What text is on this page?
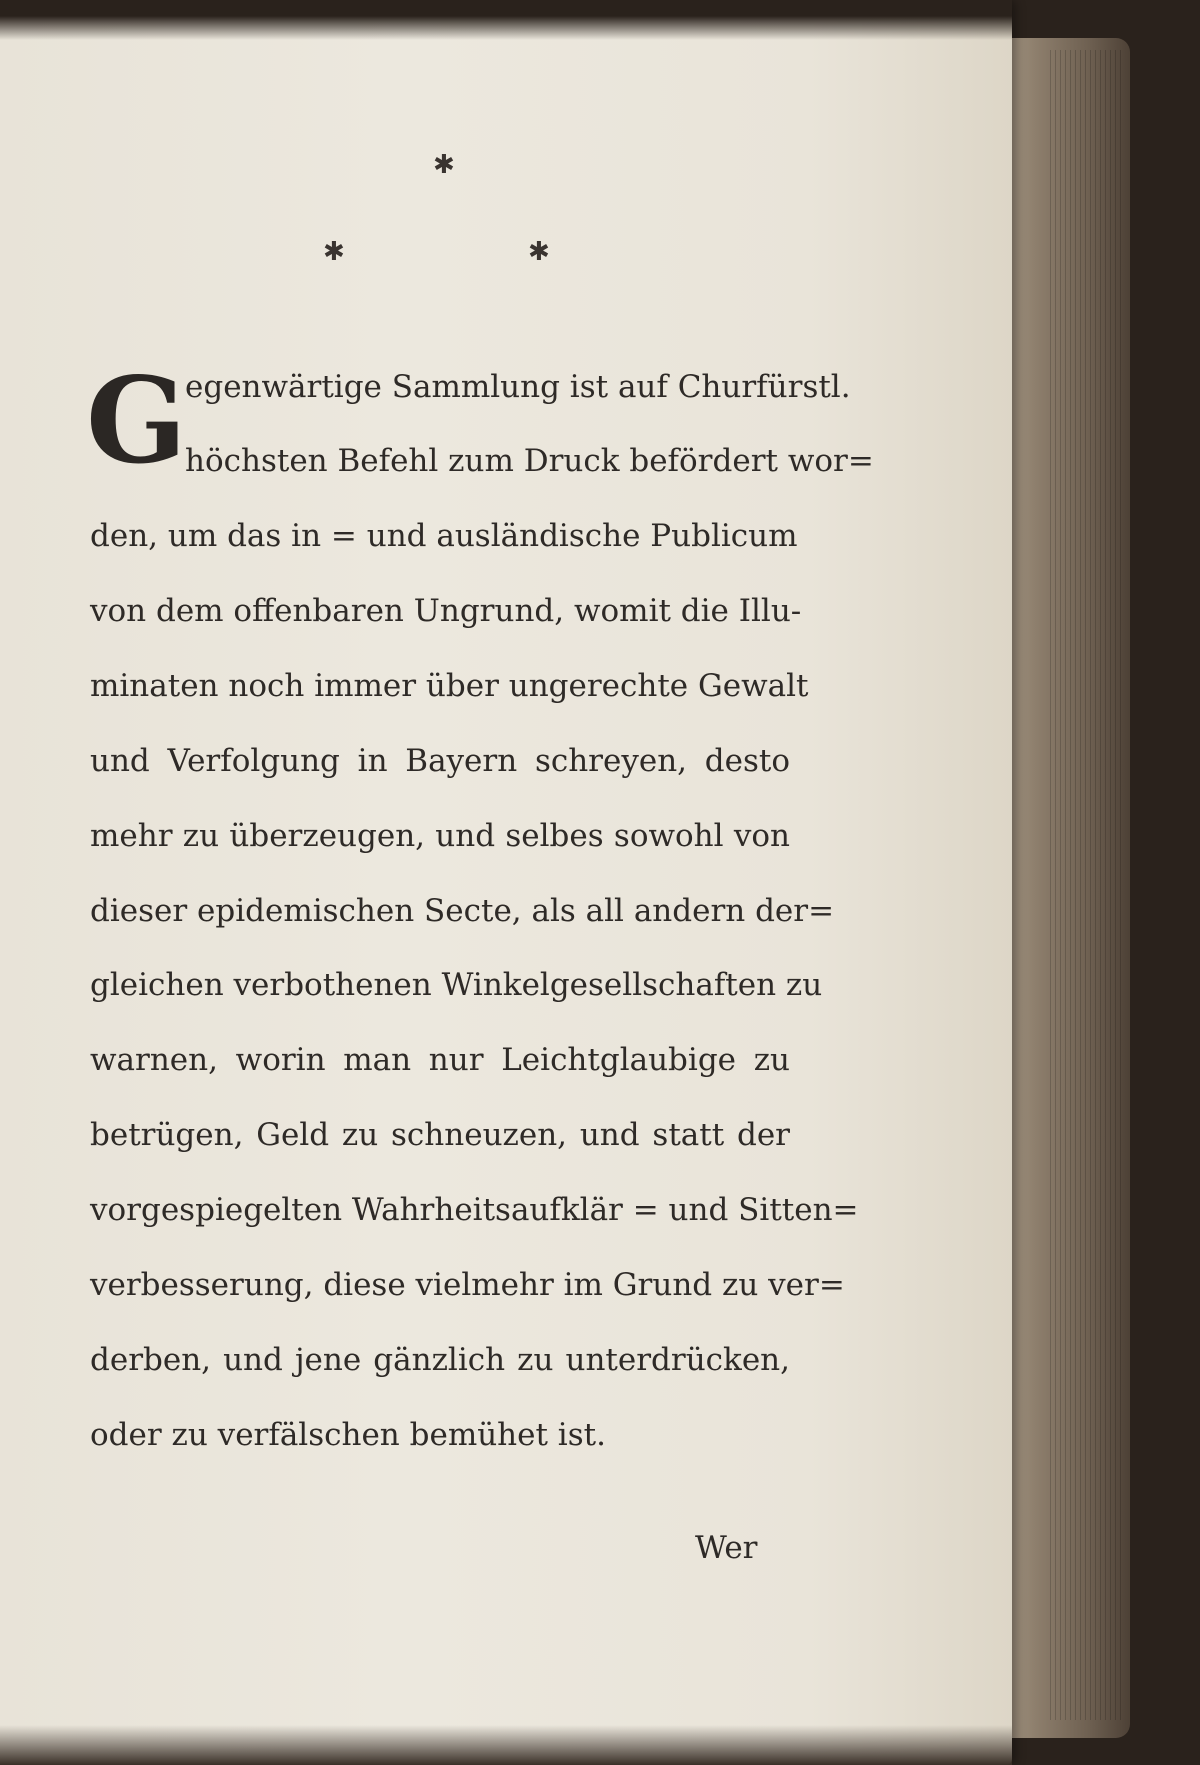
✱
✱	✱
G
egenwärtige Sammlung ist auf Churfürstl.
höchsten Befehl zum Druck befördert wor=
den, um das in = und ausländische Publicum
von dem offenbaren Ungrund, womit die Illu-
minaten noch immer über ungerechte Gewalt
und Verfolgung in Bayern schreyen, desto
mehr zu überzeugen, und selbes sowohl von
dieser epidemischen Secte, als all andern der=
gleichen verbothenen Winkelgesellschaften zu
warnen, worin man nur Leichtglaubige zu
betrügen, Geld zu schneuzen, und statt der
vorgespiegelten Wahrheitsaufklär = und Sitten=
verbesserung, diese vielmehr im Grund zu ver=
derben, und jene gänzlich zu unterdrücken,
oder zu verfälschen bemühet ist.
Wer
